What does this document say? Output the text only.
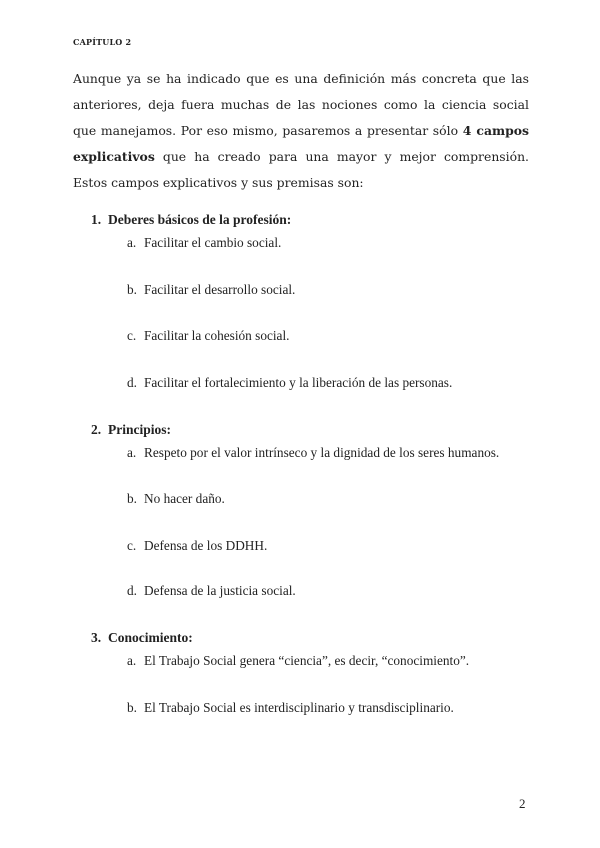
CAPÍTULO 2

Aunque ya se ha indicado que es una definición más concreta que las anteriores, deja fuera muchas de las nociones como la ciencia social que manejamos. Por eso mismo, pasaremos a presentar sólo 4 campos explicativos que ha creado para una mayor y mejor comprensión. Estos campos explicativos y sus premisas son:

1. Deberes básicos de la profesión:
a. Facilitar el cambio social.
b. Facilitar el desarrollo social.
c. Facilitar la cohesión social.
d. Facilitar el fortalecimiento y la liberación de las personas.
2. Principios:
a. Respeto por el valor intrínseco y la dignidad de los seres humanos.
b. No hacer daño.
c. Defensa de los DDHH.
d. Defensa de la justicia social.
3. Conocimiento:
a. El Trabajo Social genera “ciencia”, es decir, “conocimiento”.
b. El Trabajo Social es interdisciplinario y transdisciplinario.
2
